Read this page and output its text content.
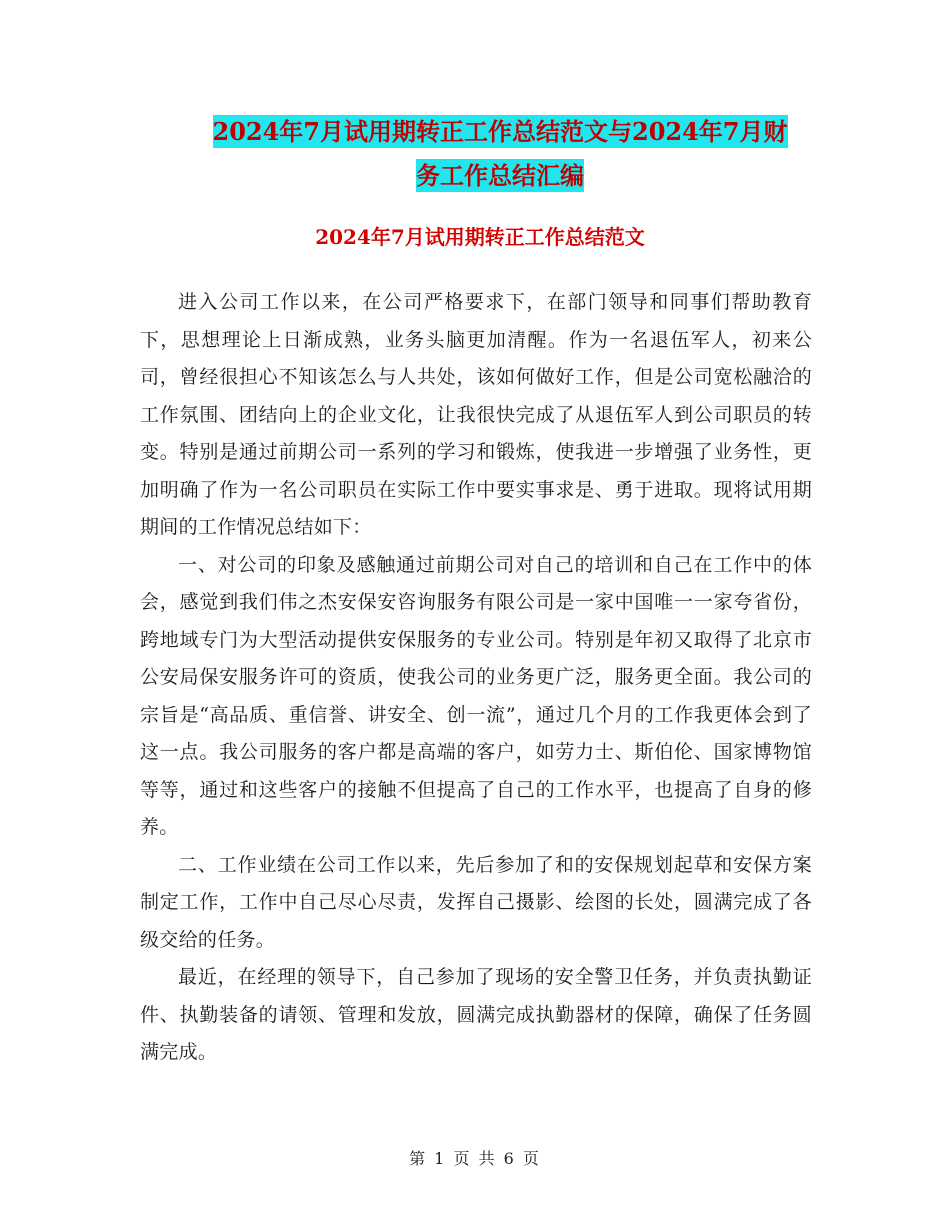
2024年7月试用期转正工作总结范文与2024年7月财
务工作总结汇编
2024年7月试用期转正工作总结范文

进入公司工作以来，在公司严格要求下，在部门领导和同事们帮助教育下，思想理论上日渐成熟，业务头脑更加清醒。作为一名退伍军人，初来公司，曾经很担心不知该怎么与人共处，该如何做好工作，但是公司宽松融洽的工作氛围、团结向上的企业文化，让我很快完成了从退伍军人到公司职员的转变。特别是通过前期公司一系列的学习和锻炼，使我进一步增强了业务性，更加明确了作为一名公司职员在实际工作中要实事求是、勇于进取。现将试用期期间的工作情况总结如下：

一、对公司的印象及感触通过前期公司对自己的培训和自己在工作中的体会，感觉到我们伟之杰安保安咨询服务有限公司是一家中国唯一一家夸省份，跨地域专门为大型活动提供安保服务的专业公司。特别是年初又取得了北京市公安局保安服务许可的资质，使我公司的业务更广泛，服务更全面。我公司的宗旨是“高品质、重信誉、讲安全、创一流”，通过几个月的工作我更体会到了这一点。我公司服务的客户都是高端的客户，如劳力士、斯伯伦、国家博物馆等等，通过和这些客户的接触不但提高了自己的工作水平，也提高了自身的修养。

二、工作业绩在公司工作以来，先后参加了和的安保规划起草和安保方案制定工作，工作中自己尽心尽责，发挥自己摄影、绘图的长处，圆满完成了各级交给的任务。

最近，在经理的领导下，自己参加了现场的安全警卫任务，并负责执勤证件、执勤装备的请领、管理和发放，圆满完成执勤器材的保障，确保了任务圆满完成。

第 1 页 共 6 页
